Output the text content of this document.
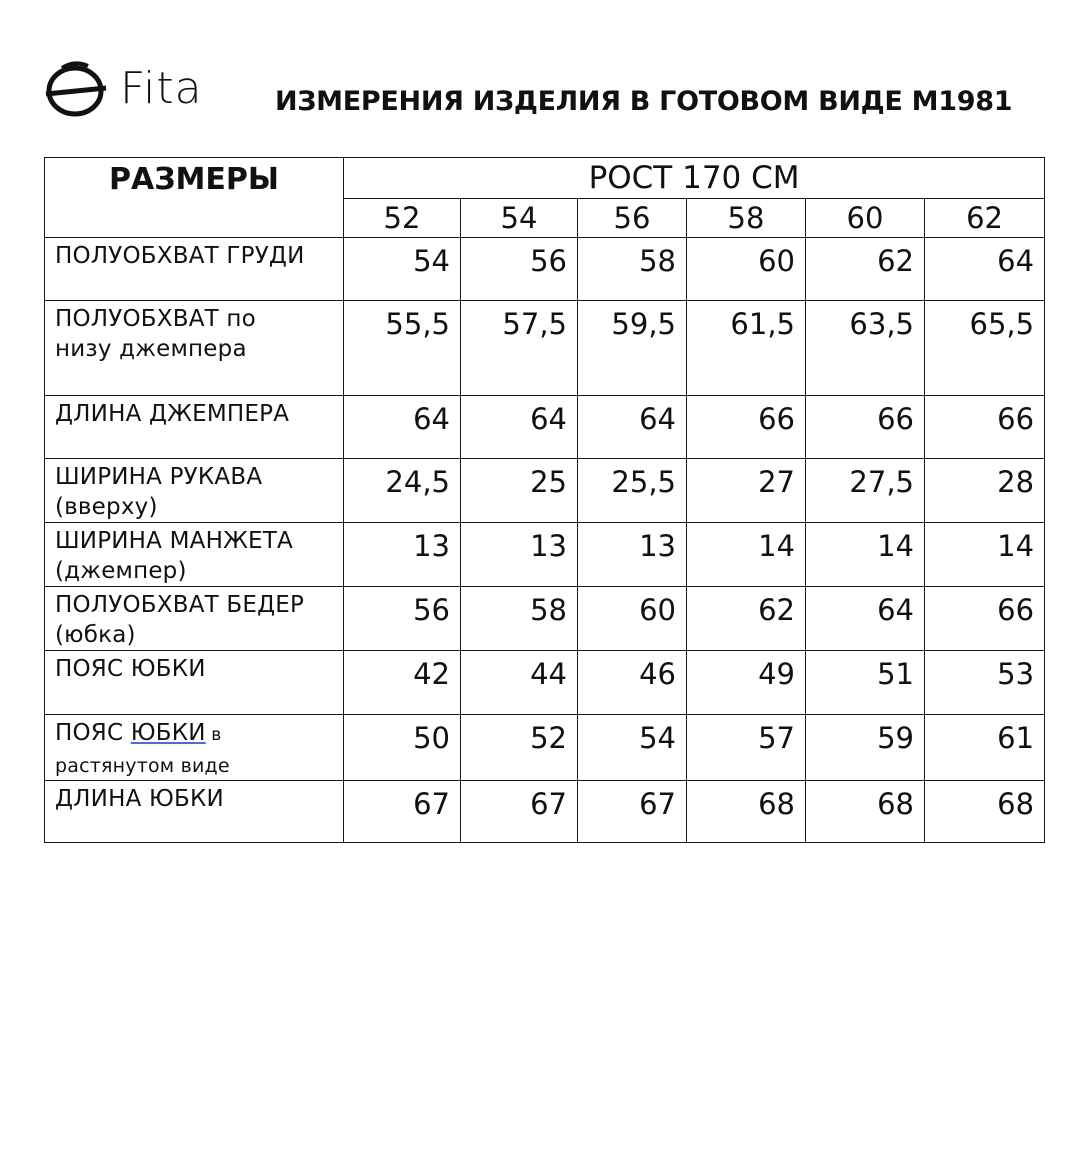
Fita	ИЗМЕРЕНИЯ ИЗДЕЛИЯ В ГОТОВОМ ВИДЕ M1981
РАЗМЕРЫ	РОСТ 170 СМ					
	52	54	56	58	60	62
ПОЛУОБХВАТ ГРУДИ	54	56	58	60	62	64
ПОЛУОБХВАТ по
низу джемпера	55,5	57,5	59,5	61,5	63,5	65,5
ДЛИНА ДЖЕМПЕРА	64	64	64	66	66	66
ШИРИНА РУКАВА
(вверху)	24,5	25	25,5	27	27,5	28
ШИРИНА МАНЖЕТА
(джемпер)	13	13	13	14	14	14
ПОЛУОБХВАТ БЕДЕР
(юбка)	56	58	60	62	64	66
ПОЯС ЮБКИ	42	44	46	49	51	53
ПОЯС ЮБКИ в
растянутом виде	50	52	54	57	59	61
ДЛИНА ЮБКИ	67	67	67	68	68	68
